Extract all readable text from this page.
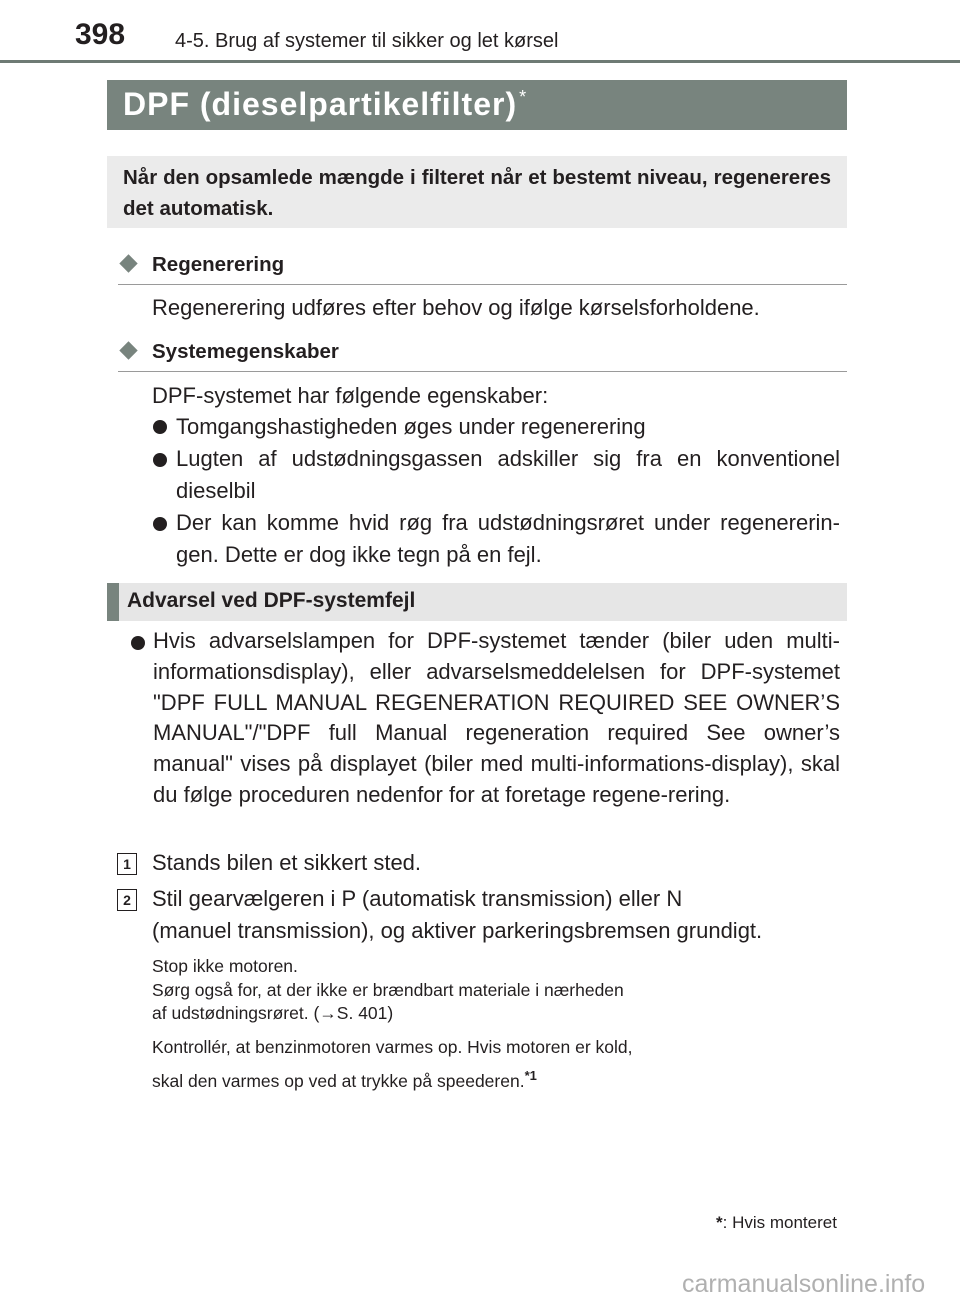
398 4-5. Brug af systemer til sikker og let kørsel
DPF (dieselpartikelfilter) *
Når den opsamlede mængde i filteret når et bestemt niveau, regenereres det automatisk.
Regenerering
Regenerering udføres efter behov og ifølge kørselsforholdene.
Systemegenskaber
DPF-systemet har følgende egenskaber:
Tomgangshastigheden øges under regenerering
Lugten af udstødningsgassen adskiller sig fra en konventionel dieselbil
Der kan komme hvid røg fra udstødningsrøret under regenererin-gen. Dette er dog ikke tegn på en fejl.
Advarsel ved DPF-systemfejl
Hvis advarselslampen for DPF-systemet tænder (biler uden multi-informationsdisplay), eller advarselsmeddelelsen for DPF-systemet "DPF FULL MANUAL REGENERATION REQUIRED SEE OWNER’S MANUAL"/"DPF full Manual regeneration required See owner’s manual" vises på displayet (biler med multi-informations-display), skal du følge proceduren nedenfor for at foretage regene-rering.
1 Stands bilen et sikkert sted.
2 Stil gearvælgeren i P (automatisk transmission) eller N
(manuel transmission), og aktiver parkeringsbremsen grundigt.
Stop ikke motoren.
Sørg også for, at der ikke er brændbart materiale i nærheden
af udstødningsrøret. (→S. 401)
Kontrollér, at benzinmotoren varmes op. Hvis motoren er kold,
skal den varmes op ved at trykke på speederen.$^{*1}$
*: Hvis monteret
carmanualsonline.info
